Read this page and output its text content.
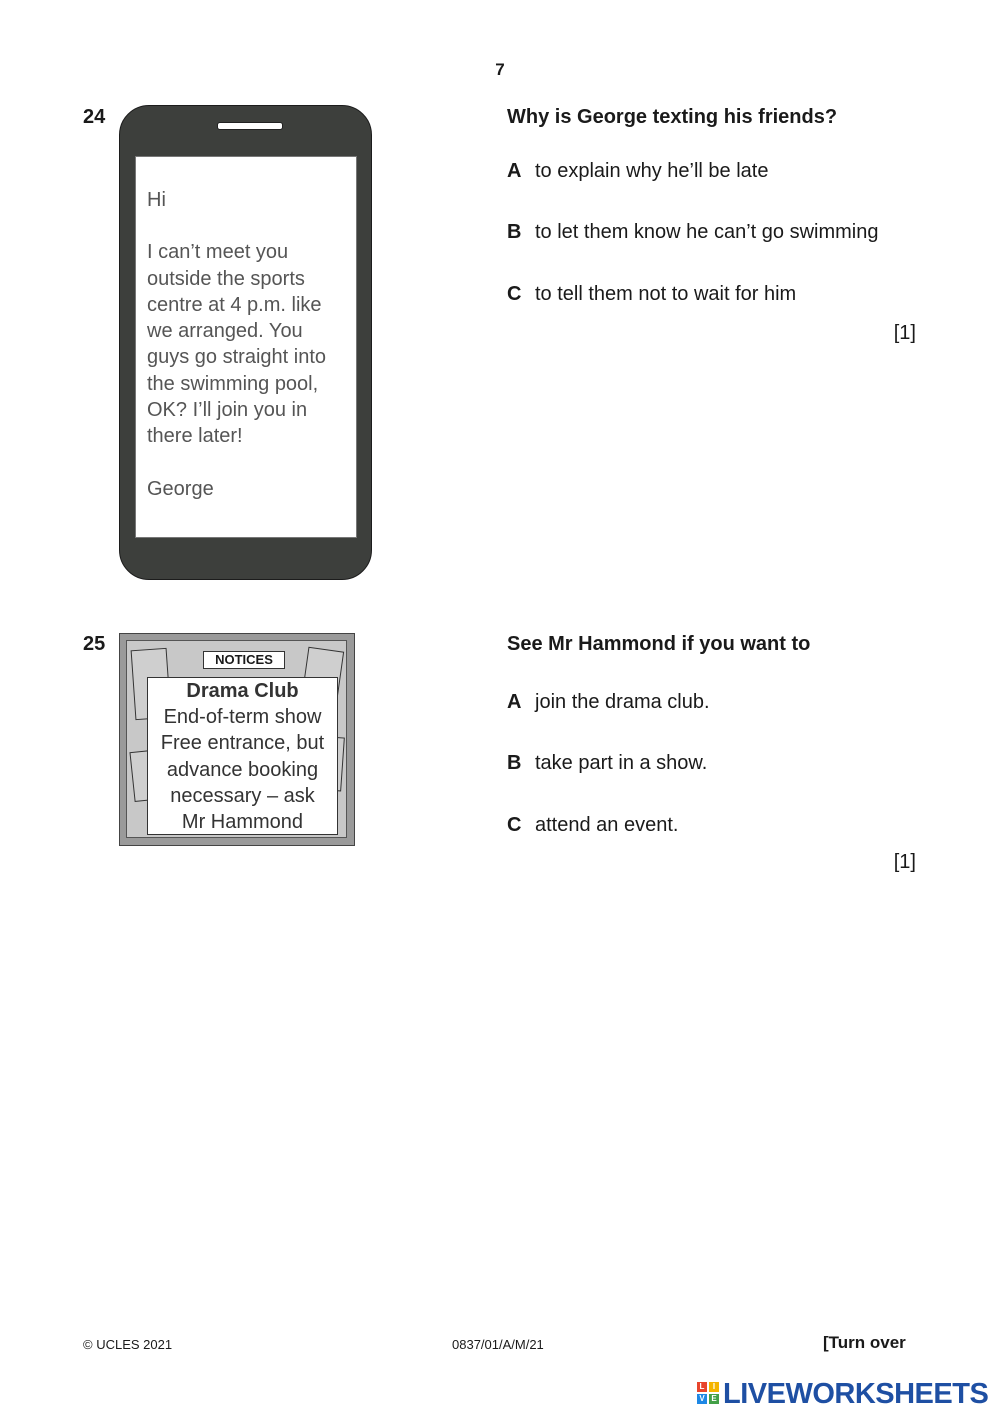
7
24

Hi

I can’t meet you

outside the sports

centre at 4 p.m. like

we arranged. You

guys go straight into

the swimming pool,

OK? I’ll join you in

there later!

George

Why is George texting his friends?
A to explain why he’ll be late
B to let them know he can’t go swimming
C to tell them not to wait for him
[1]
25
NOTICES
Drama Club
End-of-term show
Free entrance, but
advance booking
necessary – ask
Mr Hammond
See Mr Hammond if you want to
A join the drama club.
B take part in a show.
C attend an event.
[1]
© UCLES 2021	0837/01/A/M/21	[Turn over
L	I
V E LIVEWORKSHEETS
